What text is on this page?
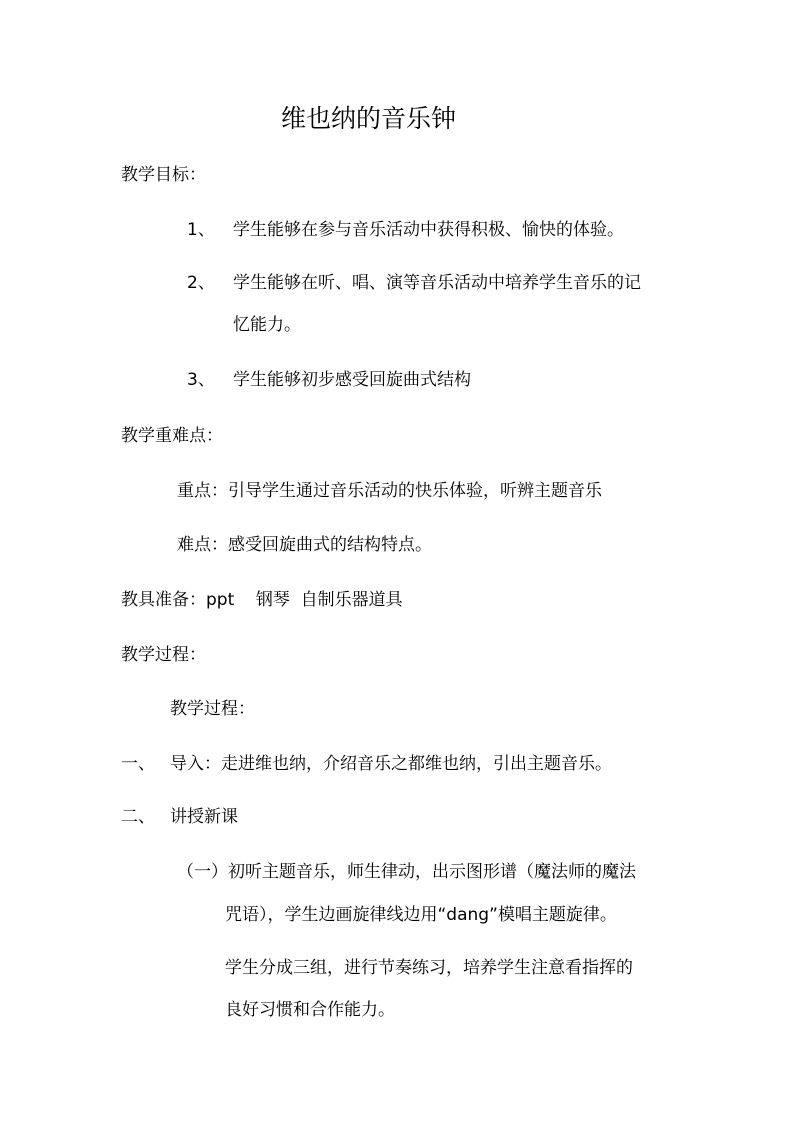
维也纳的音乐钟
教学目标：
1、 学生能够在参与音乐活动中获得积极、愉快的体验。
2、 学生能够在听、唱、演等音乐活动中培养学生音乐的记
忆能力。
3、 学生能够初步感受回旋曲式结构
教学重难点：
重点：引导学生通过音乐活动的快乐体验，听辨主题音乐
难点：感受回旋曲式的结构特点。
教具准备：ppt    钢琴  自制乐器道具
教学过程：
教学过程：
一、 导入：走进维也纳，介绍音乐之都维也纳，引出主题音乐。
二、 讲授新课
（一）初听主题音乐，师生律动，出示图形谱（魔法师的魔法
咒语），学生边画旋律线边用“dang”模唱主题旋律。
学生分成三组，进行节奏练习，培养学生注意看指挥的
良好习惯和合作能力。
